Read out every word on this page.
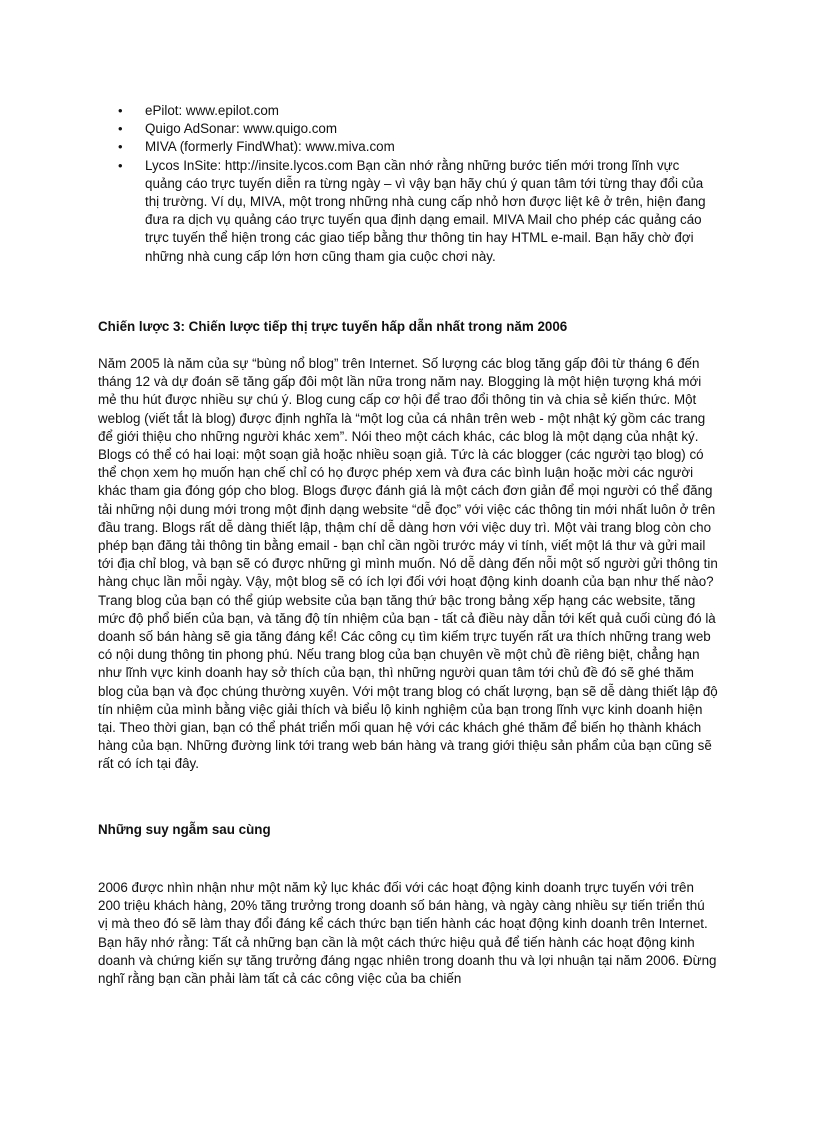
• ePilot: www.epilot.com
• Quigo AdSonar: www.quigo.com
• MIVA (formerly FindWhat): www.miva.com
• Lycos InSite: http://insite.lycos.com Bạn cần nhớ rằng những bước tiến mới trong lĩnh vực quảng cáo trực tuyến diễn ra từng ngày – vì vậy bạn hãy chú ý quan tâm tới từng thay đổi của thị trường. Ví dụ, MIVA, một trong những nhà cung cấp nhỏ hơn được liệt kê ở trên, hiện đang đưa ra dịch vụ quảng cáo trực tuyến qua định dạng email. MIVA Mail cho phép các quảng cáo trực tuyến thể hiện trong các giao tiếp bằng thư thông tin hay HTML e-mail. Bạn hãy chờ đợi những nhà cung cấp lớn hơn cũng tham gia cuộc chơi này.
Chiến lược 3: Chiến lược tiếp thị trực tuyến hấp dẫn nhất trong năm 2006

Năm 2005 là năm của sự “bùng nổ blog” trên Internet. Số lượng các blog tăng gấp đôi từ tháng 6 đến tháng 12 và dự đoán sẽ tăng gấp đôi một lần nữa trong năm nay. Blogging là một hiện tượng khá mới mẻ thu hút được nhiều sự chú ý. Blog cung cấp cơ hội để trao đổi thông tin và chia sẻ kiến thức. Một weblog (viết tắt là blog) được định nghĩa là “một log của cá nhân trên web - một nhật ký gồm các trang để giới thiệu cho những người khác xem”. Nói theo một cách khác, các blog là một dạng của nhật ký. Blogs có thể có hai loại: một soạn giả hoặc nhiều soạn giả. Tức là các blogger (các người tạo blog) có thể chọn xem họ muốn hạn chế chỉ có họ được phép xem và đưa các bình luận hoặc mời các người khác tham gia đóng góp cho blog. Blogs được đánh giá là một cách đơn giản để mọi người có thể đăng tải những nội dung mới trong một định dạng website “dễ đọc” với việc các thông tin mới nhất luôn ở trên đầu trang. Blogs rất dễ dàng thiết lập, thậm chí dễ dàng hơn với việc duy trì. Một vài trang blog còn cho phép bạn đăng tải thông tin bằng email - bạn chỉ cần ngồi trước máy vi tính, viết một lá thư và gửi mail tới địa chỉ blog, và bạn sẽ có được những gì mình muốn. Nó dễ dàng đến nỗi một số người gửi thông tin hàng chục lần mỗi ngày. Vậy, một blog sẽ có ích lợi đối với hoạt động kinh doanh của bạn như thế nào? Trang blog của bạn có thể giúp website của bạn tăng thứ bậc trong bảng xếp hạng các website, tăng mức độ phổ biến của bạn, và tăng độ tín nhiệm của bạn - tất cả điều này dẫn tới kết quả cuối cùng đó là doanh số bán hàng sẽ gia tăng đáng kể! Các công cụ tìm kiếm trực tuyến rất ưa thích những trang web có nội dung thông tin phong phú. Nếu trang blog của bạn chuyên về một chủ đề riêng biệt, chẳng hạn như lĩnh vực kinh doanh hay sở thích của bạn, thì những người quan tâm tới chủ đề đó sẽ ghé thăm blog của bạn và đọc chúng thường xuyên. Với một trang blog có chất lượng, bạn sẽ dễ dàng thiết lập độ tín nhiệm của mình bằng việc giải thích và biểu lộ kinh nghiệm của bạn trong lĩnh vực kinh doanh hiện tại. Theo thời gian, bạn có thể phát triển mối quan hệ với các khách ghé thăm để biến họ thành khách hàng của bạn. Những đường link tới trang web bán hàng và trang giới thiệu sản phẩm của bạn cũng sẽ rất có ích tại đây.

Những suy ngẫm sau cùng

2006 được nhìn nhận như một năm kỷ lục khác đối với các hoạt động kinh doanh trực tuyến với trên 200 triệu khách hàng, 20% tăng trưởng trong doanh số bán hàng, và ngày càng nhiều sự tiến triển thú vị mà theo đó sẽ làm thay đổi đáng kể cách thức bạn tiến hành các hoạt động kinh doanh trên Internet. Bạn hãy nhớ rằng: Tất cả những bạn cần là một cách thức hiệu quả để tiến hành các hoạt động kinh doanh và chứng kiến sự tăng trưởng đáng ngạc nhiên trong doanh thu và lợi nhuận tại năm 2006. Đừng nghĩ rằng bạn cần phải làm tất cả các công việc của ba chiến
